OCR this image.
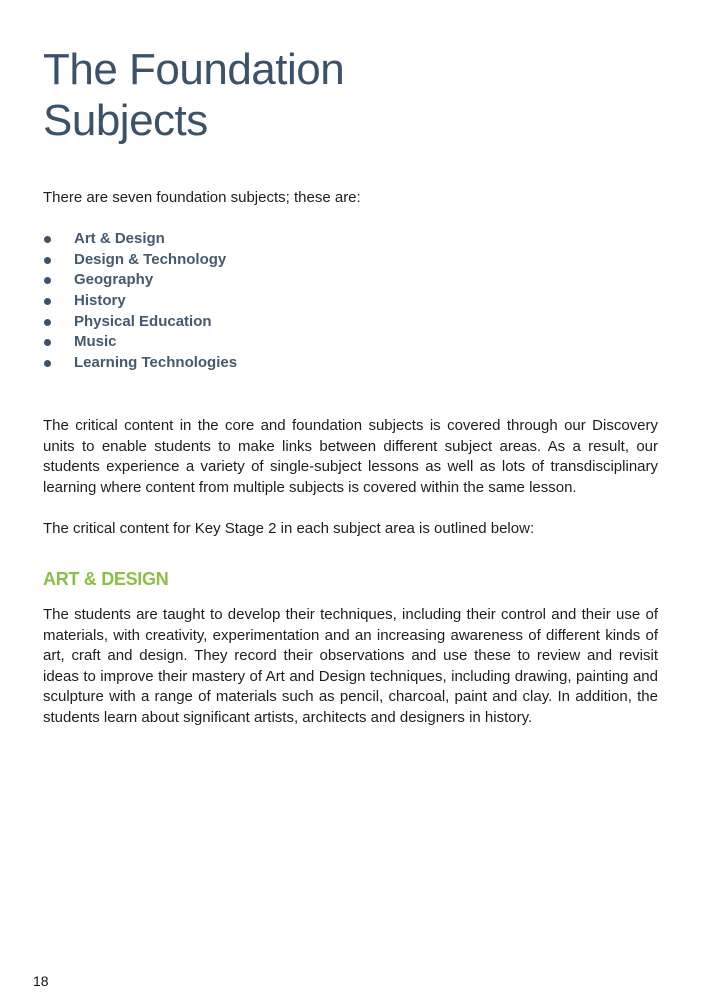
The Foundation Subjects

There are seven foundation subjects; these are:

Art & Design
Design & Technology
Geography
History
Physical Education
Music
Learning Technologies

The critical content in the core and foundation subjects is covered through our Discovery units to enable students to make links between different subject areas. As a result, our students experience a variety of single-subject lessons as well as lots of transdisciplinary learning where content from multiple subjects is covered within the same lesson.

The critical content for Key Stage 2 in each subject area is outlined below:

ART & DESIGN

The students are taught to develop their techniques, including their control and their use of materials, with creativity, experimentation and an increasing awareness of different kinds of art, craft and design. They record their observations and use these to review and revisit ideas to improve their mastery of Art and Design techniques, including drawing, painting and sculpture with a range of materials such as pencil, charcoal, paint and clay. In addition, the students learn about significant artists, architects and designers in history.

18
